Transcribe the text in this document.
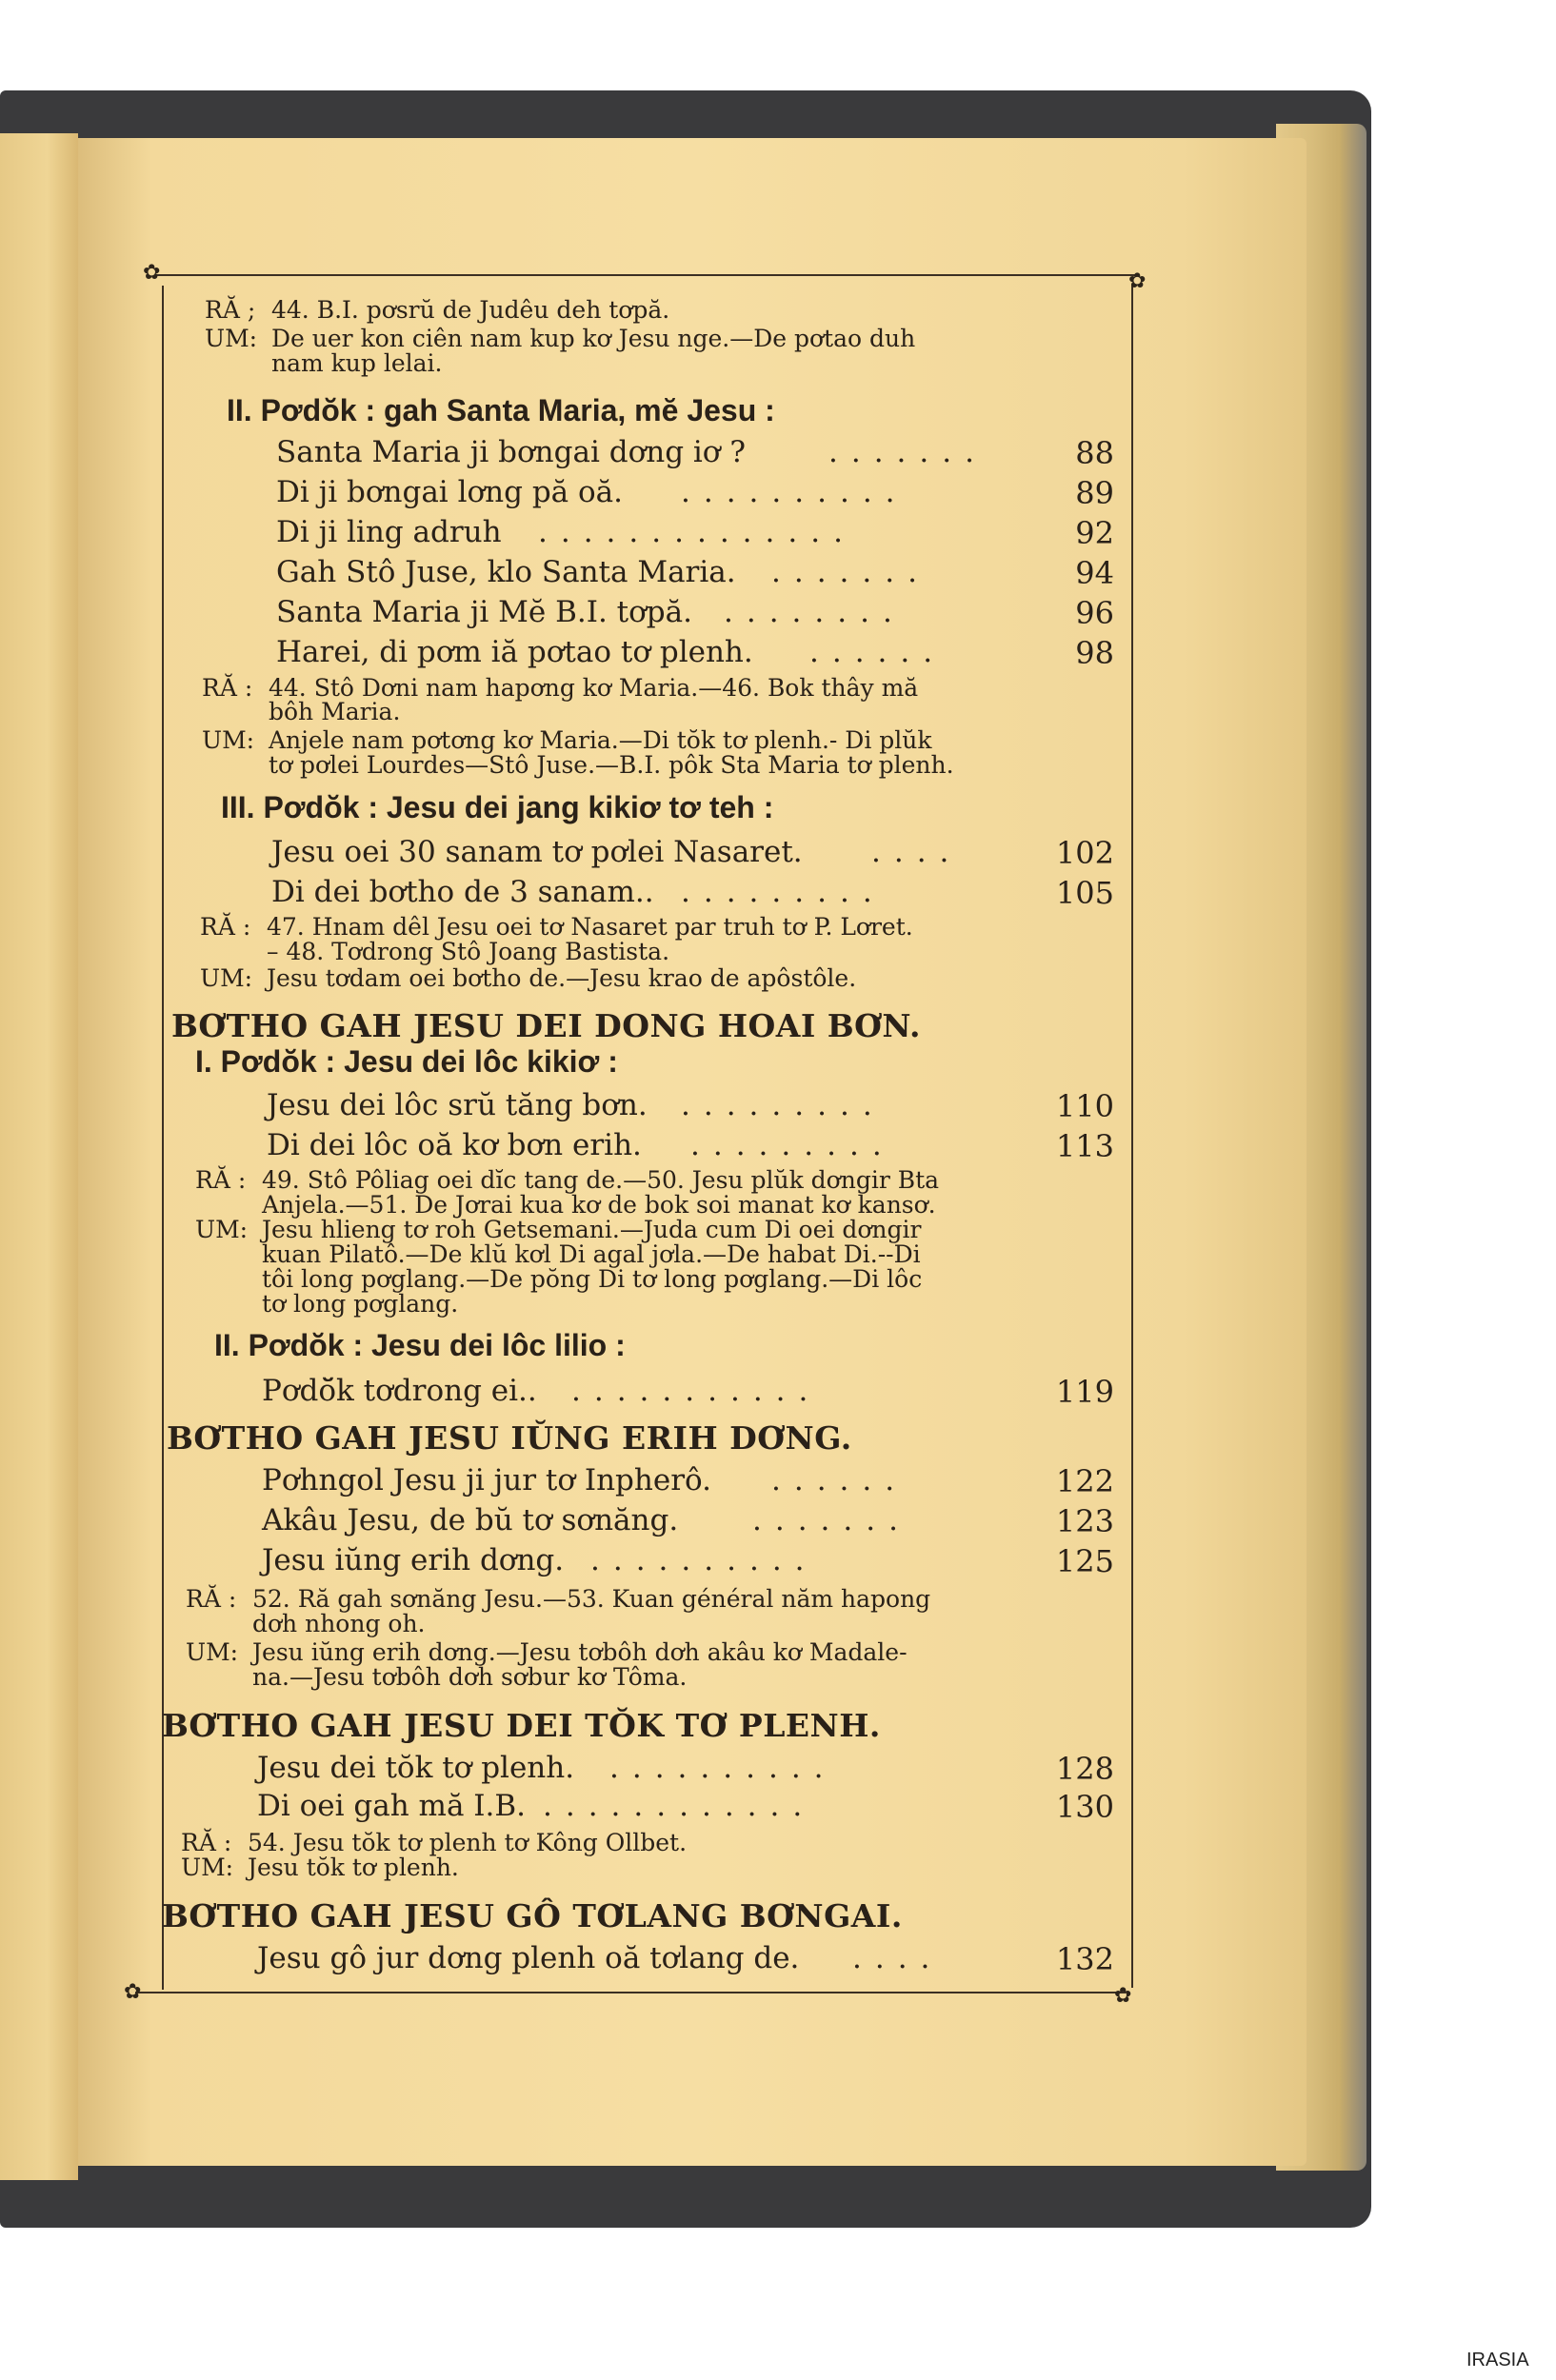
✿	✿
✿	✿
RĂ ; 44. B.I. pơsrŭ de Judêu deh tơpă.
UM: De uer kon ciên nam kup kơ Jesu nge.—De pơtao duh
nam kup lelai.
II. Pơdŏ̆k : gah Santa Maria, mĕ Jesu :
Santa Maria ji bơngai dơng iơ ?	.......	88
Di ji bơngai lơng pă oă. ..........	89
Di ji ling adruh ..............	92
Gah Stô Juse, klo Santa Maria. .......	94
Santa Maria ji Mĕ B.I. tơpă. ........	96
Harei, di pơm iă pơtao tơ plenh. ......	98
RĂ : 44. Stô Dơni nam hapơng kơ Maria.—46. Bok thây mă
bôh Maria.
UM: Anjele nam pơtơng kơ Maria.—Di tŏk tơ plenh.- Di plŭk
tơ pơlei Lourdes—Stô Juse.—B.I. pôk Sta Maria tơ plenh.
III. Pơdŏ̆k : Jesu dei jang kikiơ tơ teh :
Jesu oei 30 sanam tơ pơlei Nasaret. ....	102
Di dei bơtho de 3 sanam.. .........	105
RĂ : 47. Hnam dêl Jesu oei tơ Nasaret par truh tơ P. Lơret.
– 48. Tơdrong Stô Joang Bastista.
UM: Jesu tơdam oei bơtho de.—Jesu krao de apôstôle.
BƠTHO GAH JESU DEI DONG HOAI BƠN.
I. Pơdŏ̆k : Jesu dei lôc kikiơ :
Jesu dei lôc srŭ tăng bơn. .........	110
Di dei lôc oă kơ bơn erih. .........	113
RĂ : 49. Stô Pôliag oei dĭc tang de.—50. Jesu plŭk dơngir Bta
Anjela.—51. De Jơrai kua kơ de bok soi manat kơ kansơ.
UM: Jesu hlieng tơ roh Getsemani.—Juda cum Di oei dơngir
kuan Pilatô.—De klŭ kơl Di agal jơla.—De habat Di.--Di
tôi long pơglang.—De pŏng Di tơ long pơglang.—Di lôc
tơ long pơglang.
II. Pơdŏ̆k : Jesu dei lôc lilio :
Pơdŏ̆k tơdrong ei.. ...........	119
BƠTHO GAH JESU IŬNG ERIH DƠNG.
Pơhngol Jesu ji jur tơ Inpherô. ......	122
Akâu Jesu, de bŭ tơ sơnăng.	.......	123
Jesu iŭng erih dơng. ..........	125
RĂ : 52. Ră gah sơnăng Jesu.—53. Kuan général năm hapong
dơh nhong oh.
UM: Jesu iŭng erih dơng.—Jesu tơbôh dơh akâu kơ Madale-
na.—Jesu tơbôh dơh sơbur kơ Tôma.
BƠTHO GAH JESU DEI TŎK TƠ PLENH.
Jesu dei tŏk tơ plenh. ..........	128
Di oei gah mă I.B. ............	130
RĂ : 54. Jesu tŏk tơ plenh tơ Kông Ollbet.
UM: Jesu tŏk tơ plenh.
BƠTHO GAH JESU GÔ TƠLANG BƠNGAI.
Jesu gô jur dơng plenh oă tơlang de. ....	132
IRASIA
